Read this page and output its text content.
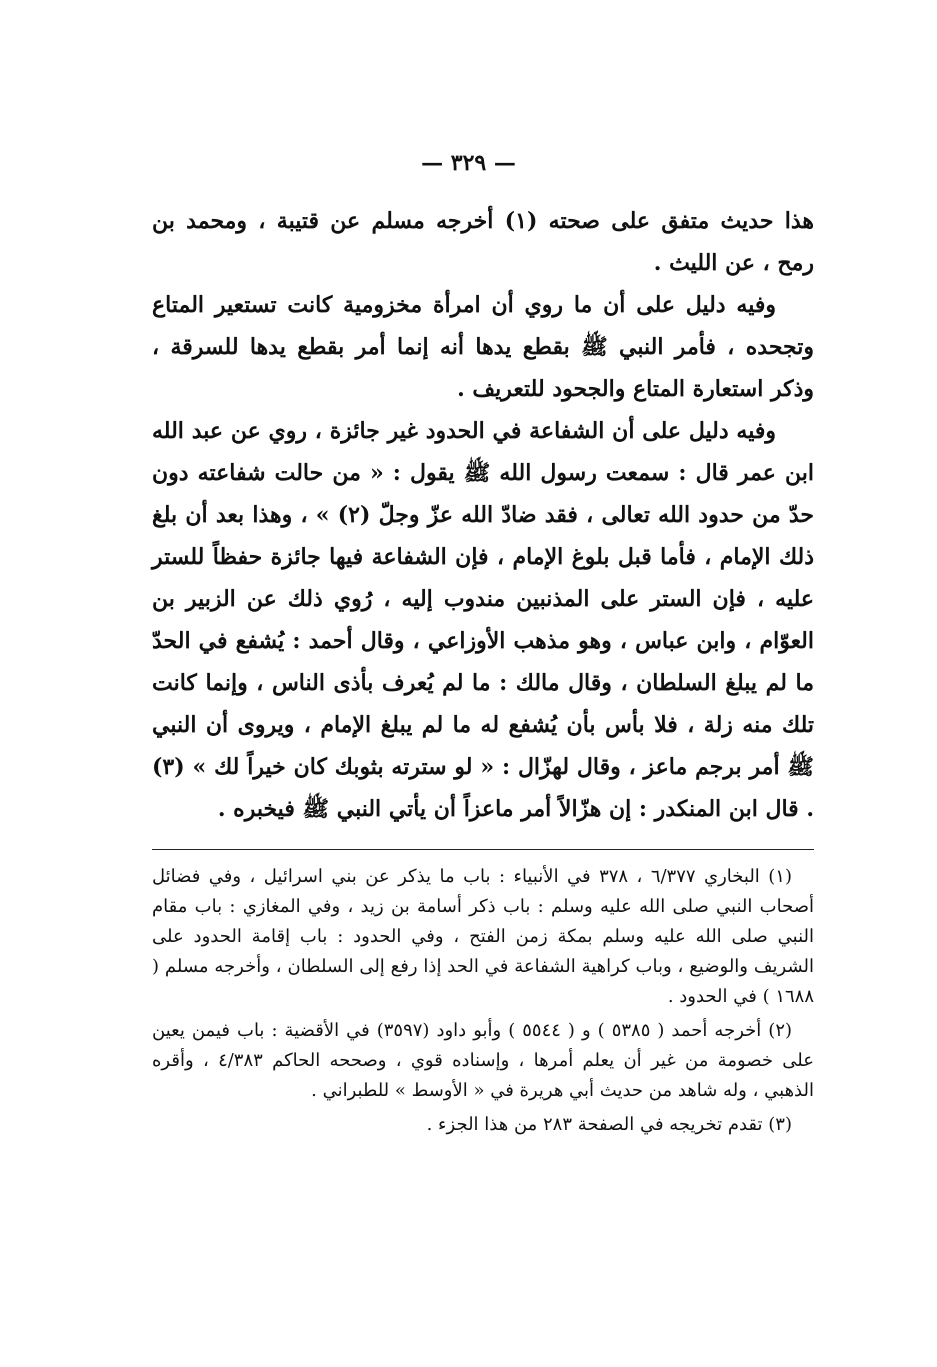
— ٣٢٩ —

هذا حديث متفق على صحته (١) أخرجه مسلم عن قتيبة ، ومحمد بن رمح ، عن الليث .

وفيه دليل على أن ما روي أن امرأة مخزومية كانت تستعير المتاع وتجحده ، فأمر النبي ﷺ بقطع يدها أنه إنما أمر بقطع يدها للسرقة ، وذكر استعارة المتاع والجحود للتعريف .

وفيه دليل على أن الشفاعة في الحدود غير جائزة ، روي عن عبد الله ابن عمر قال : سمعت رسول الله ﷺ يقول : « من حالت شفاعته دون حدّ من حدود الله تعالى ، فقد ضادّ الله عزّ وجلّ (٢) » ، وهذا بعد أن بلغ ذلك الإمام ، فأما قبل بلوغ الإمام ، فإن الشفاعة فيها جائزة حفظاً للستر عليه ، فإن الستر على المذنبين مندوب إليه ، رُوي ذلك عن الزبير بن العوّام ، وابن عباس ، وهو مذهب الأوزاعي ، وقال أحمد : يُشفع في الحدّ ما لم يبلغ السلطان ، وقال مالك : ما لم يُعرف بأذى الناس ، وإنما كانت تلك منه زلة ، فلا بأس بأن يُشفع له ما لم يبلغ الإمام ، ويروى أن النبي ﷺ أمر برجم ماعز ، وقال لهزّال : « لو سترته بثوبك كان خيراً لك » (٣) . قال ابن المنكدر : إن هزّالاً أمر ماعزاً أن يأتي النبي ﷺ فيخبره .

(١) البخاري ٦/٣٧٧ ، ٣٧٨ في الأنبياء : باب ما يذكر عن بني اسرائيل ، وفي فضائل أصحاب النبي صلى الله عليه وسلم : باب ذكر أسامة بن زيد ، وفي المغازي : باب مقام النبي صلى الله عليه وسلم بمكة زمن الفتح ، وفي الحدود : باب إقامة الحدود على الشريف والوضيع ، وباب كراهية الشفاعة في الحد إذا رفع إلى السلطان ، وأخرجه مسلم ( ١٦٨٨ ) في الحدود .

(٢) أخرجه أحمد ( ٥٣٨٥ ) و ( ٥٥٤٤ ) وأبو داود (٣٥٩٧) في الأقضية : باب فيمن يعين على خصومة من غير أن يعلم أمرها ، وإسناده قوي ، وصححه الحاكم ٤/٣٨٣ ، وأقره الذهبي ، وله شاهد من حديث أبي هريرة في « الأوسط » للطبراني .

(٣) تقدم تخريجه في الصفحة ٢٨٣ من هذا الجزء .
